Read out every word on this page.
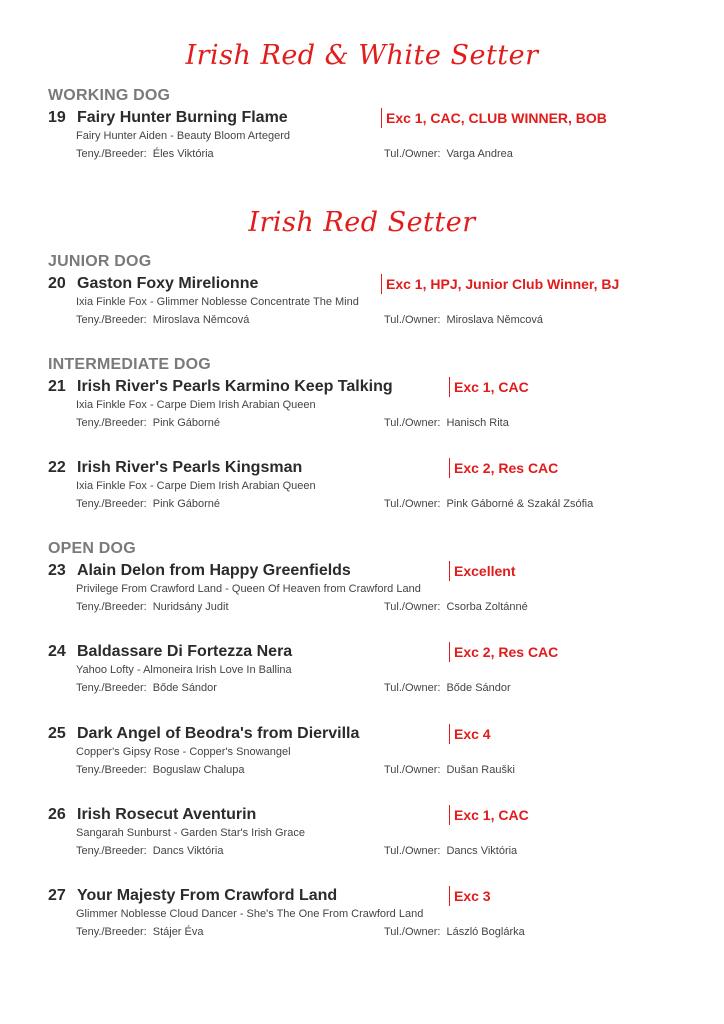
Irish Red & White Setter
WORKING DOG
19 Fairy Hunter Burning Flame	Exc 1, CAC, CLUB WINNER, BOB
Fairy Hunter Aiden - Beauty Bloom Artegerd
Teny./Breeder: Éles Viktória	Tul./Owner: Varga Andrea
Irish Red Setter
JUNIOR DOG
20 Gaston Foxy Mirelionne	Exc 1, HPJ, Junior Club Winner, BJ
Ixia Finkle Fox - Glimmer Noblesse Concentrate The Mind
Teny./Breeder: Miroslava Němcová	Tul./Owner: Miroslava Němcová
INTERMEDIATE DOG
21 Irish River's Pearls Karmino Keep Talking	Exc 1, CAC
Ixia Finkle Fox - Carpe Diem Irish Arabian Queen
Teny./Breeder: Pink Gáborné	Tul./Owner: Hanisch Rita
22 Irish River's Pearls Kingsman	Exc 2, Res CAC
Ixia Finkle Fox - Carpe Diem Irish Arabian Queen
Teny./Breeder: Pink Gáborné	Tul./Owner: Pink Gáborné & Szakál Zsófia
OPEN DOG
23 Alain Delon from Happy Greenfields	Excellent
Privilege From Crawford Land - Queen Of Heaven from Crawford Land
Teny./Breeder: Nuridsány Judit	Tul./Owner: Csorba Zoltánné
24 Baldassare Di Fortezza Nera	Exc 2, Res CAC
Yahoo Lofty - Almoneira Irish Love In Ballina
Teny./Breeder: Bőde Sándor	Tul./Owner: Bőde Sándor
25 Dark Angel of Beodra's from Diervilla	Exc 4
Copper's Gipsy Rose - Copper's Snowangel
Teny./Breeder: Boguslaw Chalupa	Tul./Owner: Dušan Rauški
26 Irish Rosecut Aventurin	Exc 1, CAC
Sangarah Sunburst - Garden Star's Irish Grace
Teny./Breeder: Dancs Viktória	Tul./Owner: Dancs Viktória
27 Your Majesty From Crawford Land	Exc 3
Glimmer Noblesse Cloud Dancer - She's The One From Crawford Land
Teny./Breeder: Stájer Éva	Tul./Owner: László Boglárka
